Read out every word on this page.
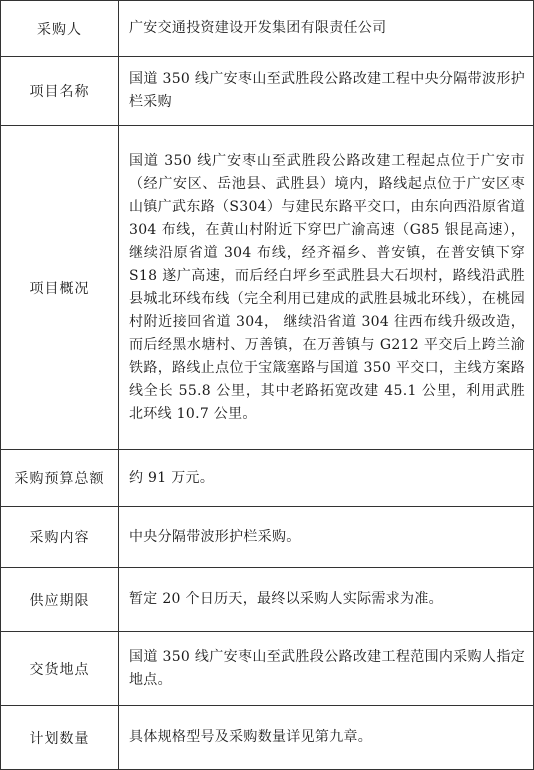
采购人	广安交通投资建设开发集团有限责任公司
项目名称	国道 350 线广安枣山至武胜段公路改建工程中央分隔带波形护栏采购
项目概况	国道 350 线广安枣山至武胜段公路改建工程起点位于广安市（经广安区、岳池县、武胜县）境内，路线起点位于广安区枣山镇广武东路（S304）与建民东路平交口，由东向西沿原省道 304 布线，在黄山村附近下穿巴广渝高速（G85 银昆高速），继续沿原省道 304 布线，经齐福乡、普安镇，在普安镇下穿 S18 遂广高速，而后经白坪乡至武胜县大石坝村，路线沿武胜县城北环线布线（完全利用已建成的武胜县城北环线），在桃园村附近接回省道 304， 继续沿省道 304 往西布线升级改造，而后经黑水塘村、万善镇，在万善镇与 G212 平交后上跨兰渝铁路，路线止点位于宝箴塞路与国道 350 平交口，主线方案路线全长 55.8 公里，其中老路拓宽改建 45.1 公里，利用武胜北环线 10.7 公里。
采购预算总额	约 91 万元。
采购内容	中央分隔带波形护栏采购。
供应期限	暂定 20 个日历天，最终以采购人实际需求为准。
交货地点	国道 350 线广安枣山至武胜段公路改建工程范围内采购人指定地点。
计划数量	具体规格型号及采购数量详见第九章。
